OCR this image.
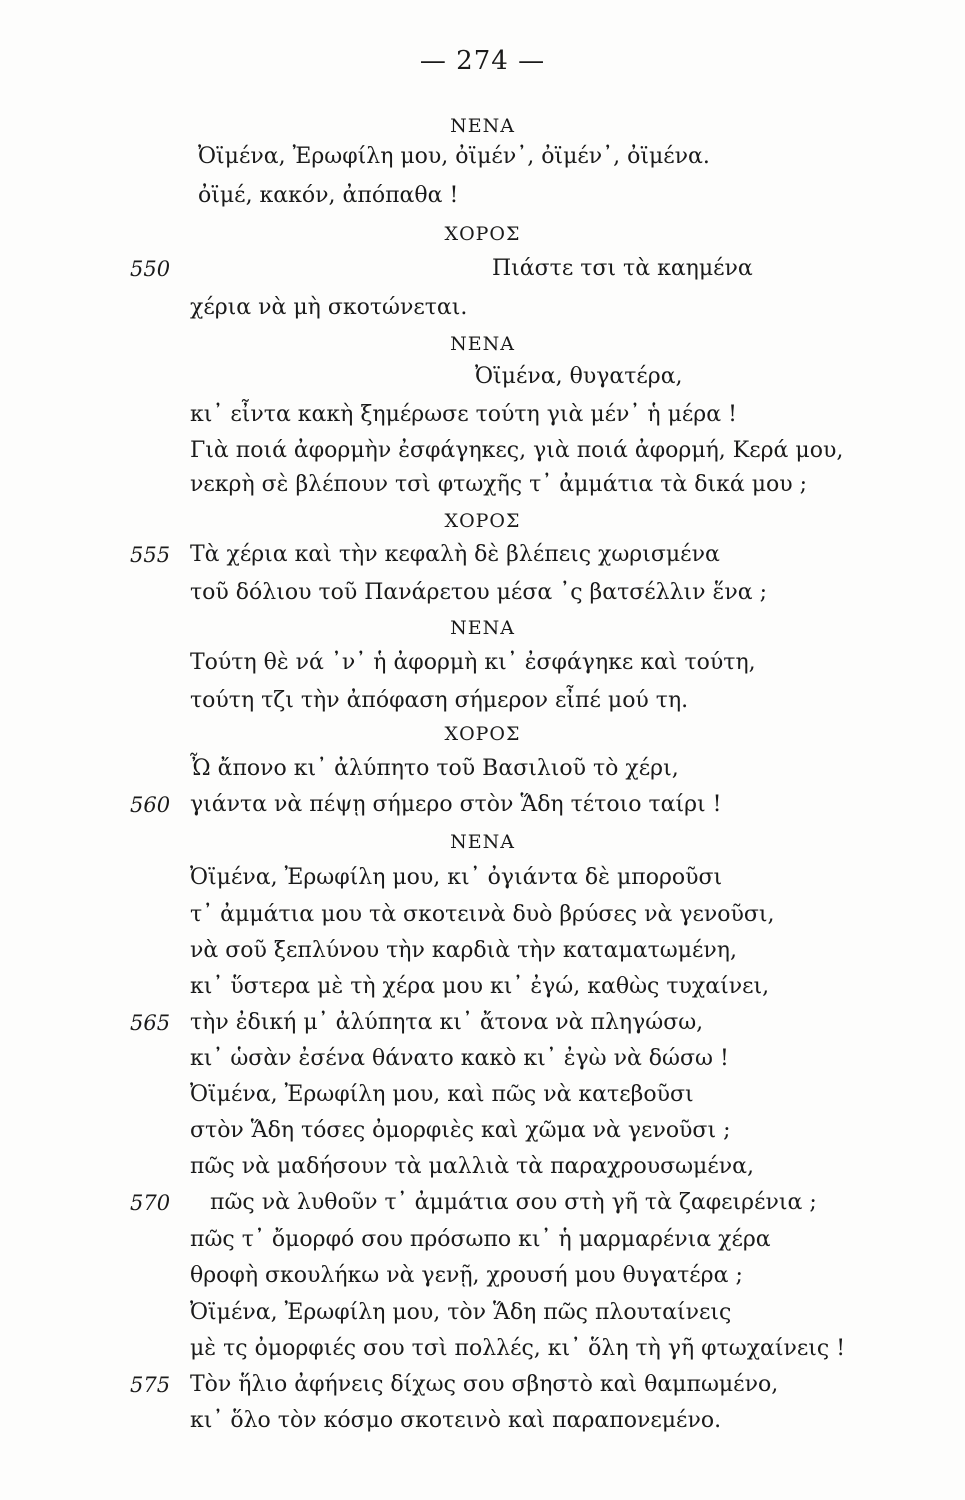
— 274 —
ΝΕΝΑ
Ὀϊμένα, Ἐρωφίλη μου, ὀϊμέν᾽, ὀϊμέν᾽, ὀϊμένα.
ὀϊμέ, κακόν, ἀπόπαθα !
ΧΟΡΟΣ
550	Πιάστε τσι τὰ καημένα
χέρια νὰ μὴ σκοτώνεται.
ΝΕΝΑ
Ὀϊμένα, θυγατέρα,
κι᾽ εἶντα κακὴ ξημέρωσε τούτη γιὰ μέν᾽ ἡ μέρα !
Γιὰ ποιά ἀφορμὴν ἐσφάγηκες, γιὰ ποιά ἀφορμή, Κερά μου,
νεκρὴ σὲ βλέπουν τσὶ φτωχῆς τ᾽ ἀμμάτια τὰ δικά μου ;
ΧΟΡΟΣ
555 Τὰ χέρια καὶ τὴν κεφαλὴ δὲ βλέπεις χωρισμένα
τοῦ δόλιου τοῦ Πανάρετου μέσα ᾽ς βατσέλλιν ἕνα ;
ΝΕΝΑ
Τούτη θὲ νά ᾽ν᾽ ἡ ἀφορμὴ κι᾽ ἐσφάγηκε καὶ τούτη,
τούτη τζι τὴν ἀπόφαση σήμερον εἶπέ μού τη.
ΧΟΡΟΣ
Ὦ ἄπονο κι᾽ ἀλύπητο τοῦ Βασιλιοῦ τὸ χέρι,
560 γιάντα νὰ πέψῃ σήμερο στὸν Ἅδη τέτοιο ταίρι !
ΝΕΝΑ
Ὀϊμένα, Ἐρωφίλη μου, κι᾽ ὀγιάντα δὲ μποροῦσι
τ᾽ ἀμμάτια μου τὰ σκοτεινὰ δυὸ βρύσες νὰ γενοῦσι,
νὰ σοῦ ξεπλύνου τὴν καρδιὰ τὴν καταματωμένη,
κι᾽ ὕστερα μὲ τὴ χέρα μου κι᾽ ἐγώ, καθὼς τυχαίνει,
565 τὴν ἐδική μ᾽ ἀλύπητα κι᾽ ἄτονα νὰ πληγώσω,
κι᾽ ὡσὰν ἐσένα θάνατο κακὸ κι᾽ ἐγὼ νὰ δώσω !
Ὀϊμένα, Ἐρωφίλη μου, καὶ πῶς νὰ κατεβοῦσι
στὸν Ἅδη τόσες ὀμορφιὲς καὶ χῶμα νὰ γενοῦσι ;
πῶς νὰ μαδήσουν τὰ μαλλιὰ τὰ παραχρουσωμένα,
570 πῶς νὰ λυθοῦν τ᾽ ἀμμάτια σου στὴ γῆ τὰ ζαφειρένια ;
πῶς τ᾽ ὄμορφό σου πρόσωπο κι᾽ ἡ μαρμαρένια χέρα
θροφὴ σκουλήκω νὰ γενῇ, χρουσή μου θυγατέρα ;
Ὀϊμένα, Ἐρωφίλη μου, τὸν Ἅδη πῶς πλουταίνεις
μὲ τς ὀμορφιές σου τσὶ πολλές, κι᾽ ὅλη τὴ γῆ φτωχαίνεις !
575 Τὸν ἥλιο ἀφήνεις δίχως σου σβηστὸ καὶ θαμπωμένο,
κι᾽ ὅλο τὸν κόσμο σκοτεινὸ καὶ παραπονεμένο.
